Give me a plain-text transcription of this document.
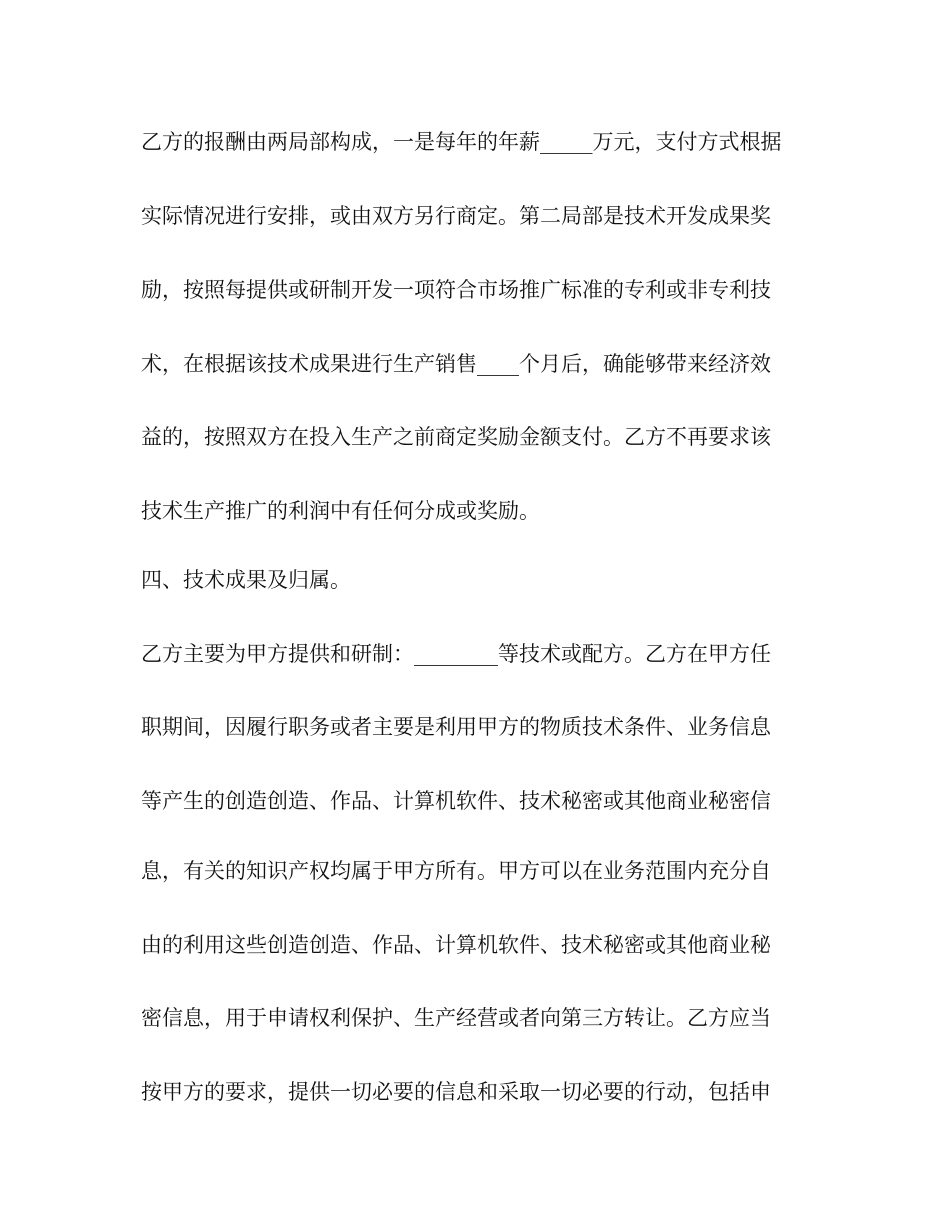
乙方的报酬由两局部构成，一是每年的年薪_____万元，支付方式根据
实际情况进行安排，或由双方另行商定。第二局部是技术开发成果奖
励，按照每提供或研制开发一项符合市场推广标准的专利或非专利技
术，在根据该技术成果进行生产销售____个月后，确能够带来经济效
益的，按照双方在投入生产之前商定奖励金额支付。乙方不再要求该
技术生产推广的利润中有任何分成或奖励。
四、技术成果及归属。
乙方主要为甲方提供和研制：________等技术或配方。乙方在甲方任
职期间，因履行职务或者主要是利用甲方的物质技术条件、业务信息
等产生的创造创造、作品、计算机软件、技术秘密或其他商业秘密信
息，有关的知识产权均属于甲方所有。甲方可以在业务范围内充分自
由的利用这些创造创造、作品、计算机软件、技术秘密或其他商业秘
密信息，用于申请权利保护、生产经营或者向第三方转让。乙方应当
按甲方的要求，提供一切必要的信息和采取一切必要的行动，包括申
